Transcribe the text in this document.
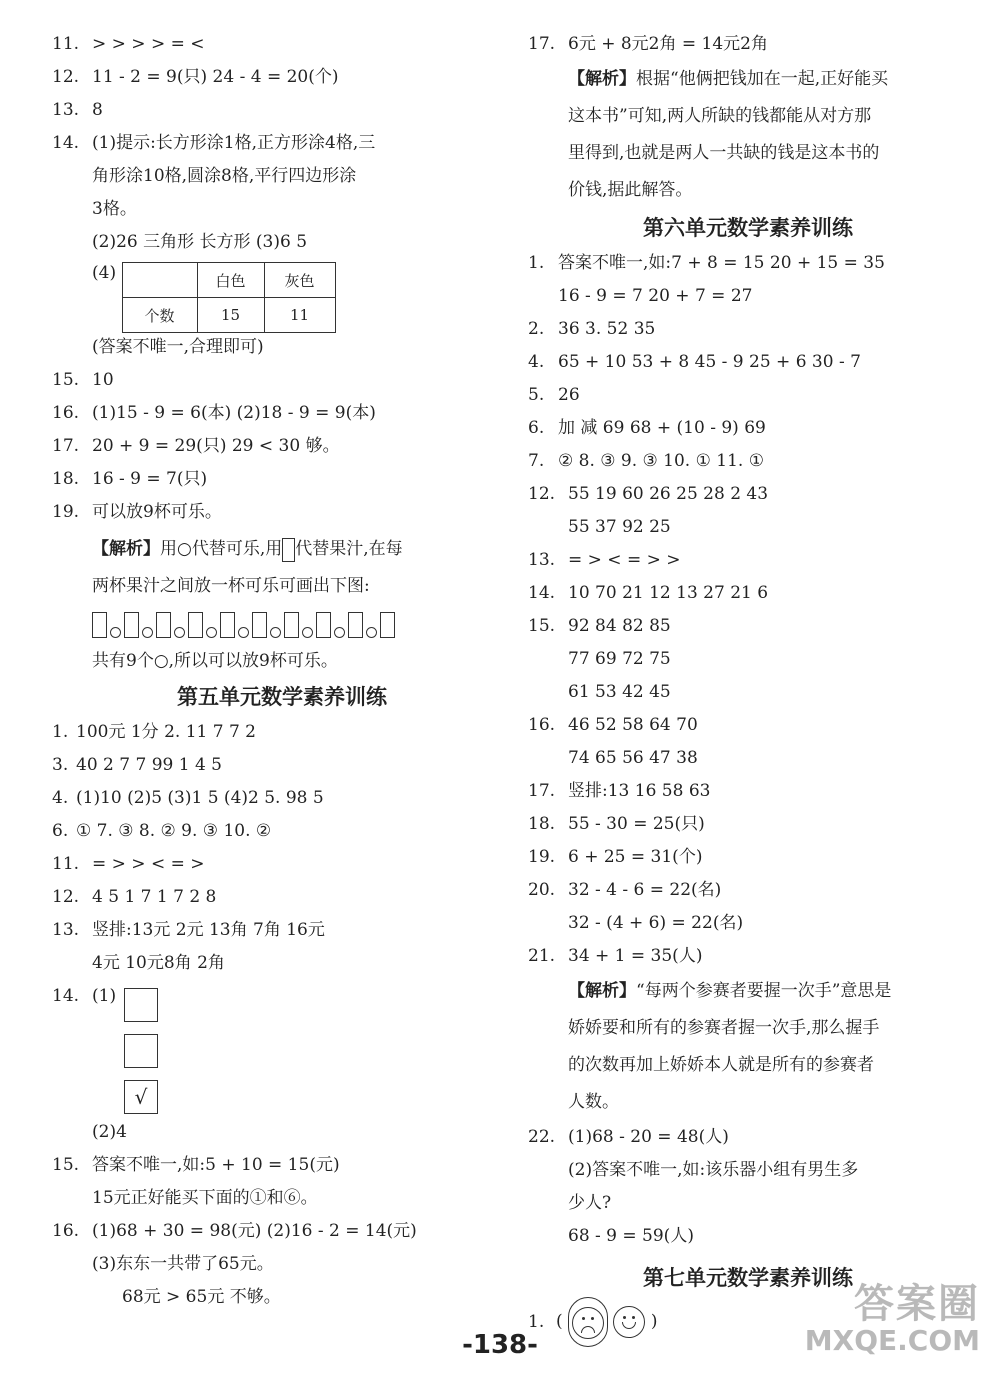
11. > > > > = <
12. 11 - 2 = 9(只) 24 - 4 = 20(个)
13. 8
14. (1)提示:长方形涂1格,正方形涂4格,三
角形涂10格,圆涂8格,平行四边形涂
3格。
(2)26 三角形 长方形 (3)6 5
(4)		白色	灰色
个数	15	11
(答案不唯一,合理即可)
15. 10
16. (1)15 - 9 = 6(本) (2)18 - 9 = 9(本)
17. 20 + 9 = 29(只) 29 < 30 够。
18. 16 - 9 = 7(只)
19. 可以放9杯可乐。
【解析】用○代替可乐,用 代替果汁,在每
两杯果汁之间放一杯可乐可画出下图:
共有9个○,所以可以放9杯可乐。
第五单元数学素养训练
1. 100元 1分 2. 11 7 7 2
3. 40 2 7 7 99 1 4 5
4. (1)10 (2)5 (3)1 5 (4)2 5. 98 5
6. ① 7. ③ 8. ② 9. ③ 10. ②
11. = > > < = >
12. 4 5 1 7 1 7 2 8
13. 竖排:13元 2元 13角 7角 16元
4元 10元8角 2角
14. (1)
√
(2)4
15. 答案不唯一,如:5 + 10 = 15(元)
15元正好能买下面的①和⑥。
16. (1)68 + 30 = 98(元) (2)16 - 2 = 14(元)
(3)东东一共带了65元。
68元 > 65元 不够。
17. 6元 + 8元2角 = 14元2角
【解析】根据“他俩把钱加在一起,正好能买
这本书”可知,两人所缺的钱都能从对方那
里得到,也就是两人一共缺的钱是这本书的
价钱,据此解答。
第六单元数学素养训练
1. 答案不唯一,如:7 + 8 = 15 20 + 15 = 35
16 - 9 = 7 20 + 7 = 27
2. 36 3. 52 35
4. 65 + 10 53 + 8 45 - 9 25 + 6 30 - 7
5. 26
6. 加 减 69 68 + (10 - 9) 69
7. ② 8. ③ 9. ③ 10. ① 11. ①
12. 55 19 60 26 25 28 2 43
55 37 92 25
13. = > < = > >
14. 10 70 21 12 13 27 21 6
15. 92 84 82 85
77 69 72 75
61 53 42 45
16. 46 52 58 64 70
74 65 56 47 38
17. 竖排:13 16 58 63
18. 55 - 30 = 25(只)
19. 6 + 25 = 31(个)
20. 32 - 4 - 6 = 22(名)
32 - (4 + 6) = 22(名)
21. 34 + 1 = 35(人)
【解析】“每两个参赛者要握一次手”意思是
娇娇要和所有的参赛者握一次手,那么握手
的次数再加上娇娇本人就是所有的参赛者
人数。
22. (1)68 - 20 = 48(人)
(2)答案不唯一,如:该乐器小组有男生多
少人?
68 - 9 = 59(人)
第七单元数学素养训练
1. (
	)
-138-
答案圈
MXQE.COM
